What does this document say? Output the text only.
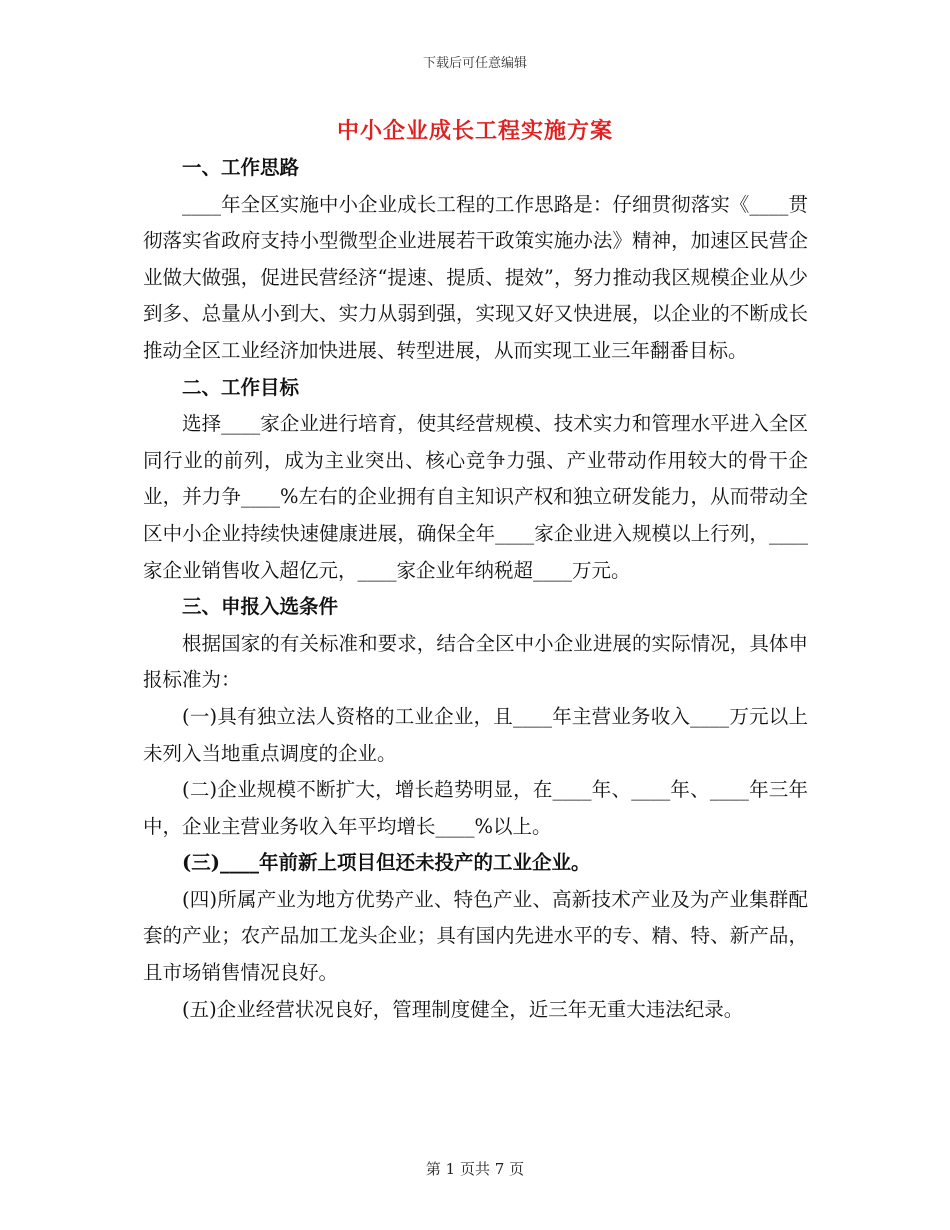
下载后可任意编辑
中小企业成长工程实施方案

一、工作思路

____年全区实施中小企业成长工程的工作思路是：仔细贯彻落实《____贯彻落实省政府支持小型微型企业进展若干政策实施办法》精神，加速区民营企业做大做强，促进民营经济“提速、提质、提效”，努力推动我区规模企业从少到多、总量从小到大、实力从弱到强，实现又好又快进展，以企业的不断成长推动全区工业经济加快进展、转型进展，从而实现工业三年翻番目标。

二、工作目标

选择____家企业进行培育，使其经营规模、技术实力和管理水平进入全区同行业的前列，成为主业突出、核心竞争力强、产业带动作用较大的骨干企业，并力争____%左右的企业拥有自主知识产权和独立研发能力，从而带动全区中小企业持续快速健康进展，确保全年____家企业进入规模以上行列，____家企业销售收入超亿元，____家企业年纳税超____万元。

三、申报入选条件

根据国家的有关标准和要求，结合全区中小企业进展的实际情况，具体申报标准为：

(一)具有独立法人资格的工业企业，且____年主营业务收入____万元以上未列入当地重点调度的企业。

(二)企业规模不断扩大，增长趋势明显，在____年、____年、____年三年中，企业主营业务收入年平均增长____%以上。

(三)____年前新上项目但还未投产的工业企业。

(四)所属产业为地方优势产业、特色产业、高新技术产业及为产业集群配套的产业；农产品加工龙头企业；具有国内先进水平的专、精、特、新产品，且市场销售情况良好。

(五)企业经营状况良好，管理制度健全，近三年无重大违法纪录。

第 1 页共 7 页
